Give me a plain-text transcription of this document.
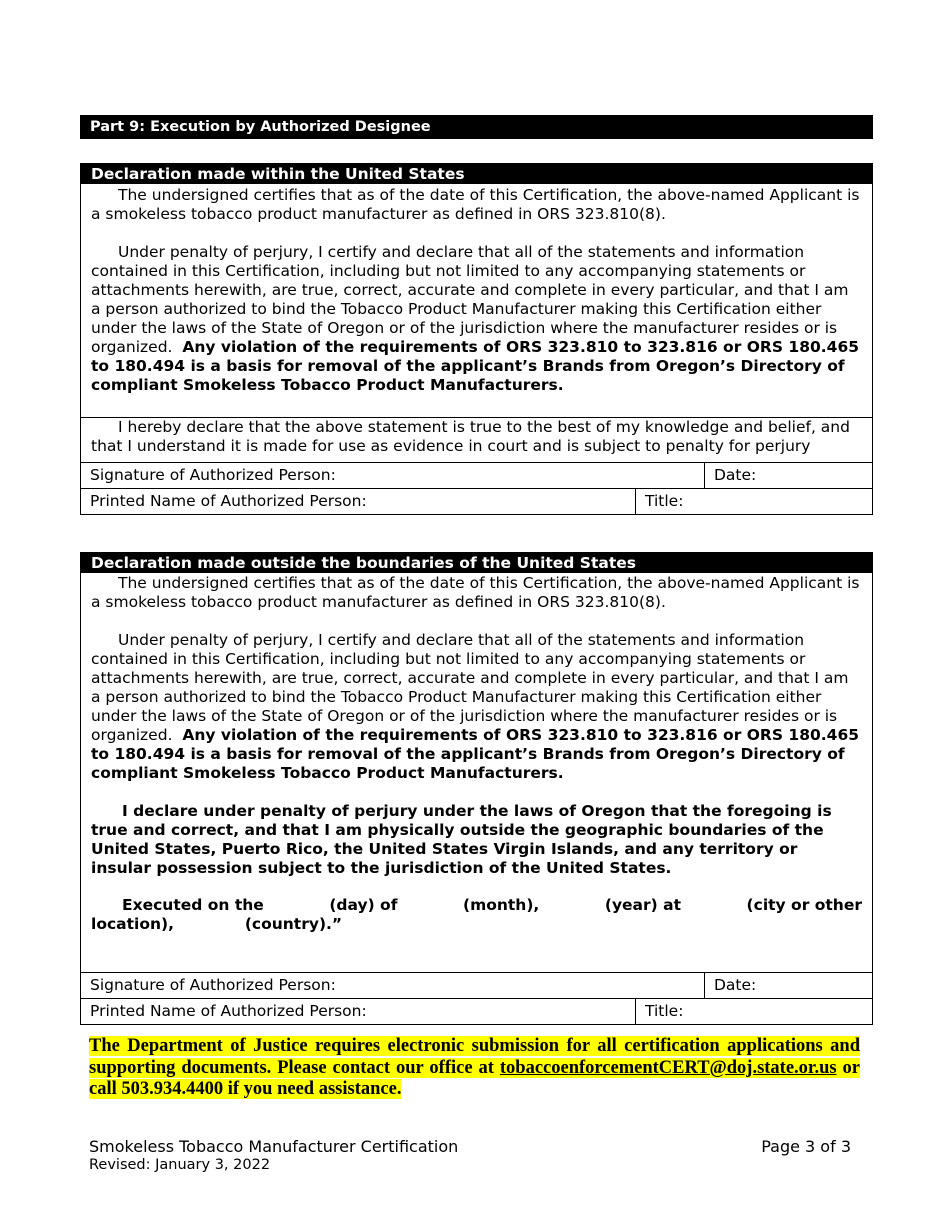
Part 9: Execution by Authorized Designee
Declaration made within the United States
The undersigned certifies that as of the date of this Certification, the above-named Applicant is a smokeless tobacco product manufacturer as defined in ORS 323.810(8).
Under penalty of perjury, I certify and declare that all of the statements and information contained in this Certification, including but not limited to any accompanying statements or attachments herewith, are true, correct, accurate and complete in every particular, and that I am a person authorized to bind the Tobacco Product Manufacturer making this Certification either under the laws of the State of Oregon or of the jurisdiction where the manufacturer resides or is organized. Any violation of the requirements of ORS 323.810 to 323.816 or ORS 180.465 to 180.494 is a basis for removal of the applicant’s Brands from Oregon’s Directory of compliant Smokeless Tobacco Product Manufacturers.
I hereby declare that the above statement is true to the best of my knowledge and belief, and that I understand it is made for use as evidence in court and is subject to penalty for perjury
Signature of Authorized Person:	Date:
Printed Name of Authorized Person:	Title:
Declaration made outside the boundaries of the United States
The undersigned certifies that as of the date of this Certification, the above-named Applicant is a smokeless tobacco product manufacturer as defined in ORS 323.810(8).
Under penalty of perjury, I certify and declare that all of the statements and information contained in this Certification, including but not limited to any accompanying statements or attachments herewith, are true, correct, accurate and complete in every particular, and that I am a person authorized to bind the Tobacco Product Manufacturer making this Certification either under the laws of the State of Oregon or of the jurisdiction where the manufacturer resides or is organized. Any violation of the requirements of ORS 323.810 to 323.816 or ORS 180.465 to 180.494 is a basis for removal of the applicant’s Brands from Oregon’s Directory of compliant Smokeless Tobacco Product Manufacturers.
I declare under penalty of perjury under the laws of Oregon that the foregoing is true and correct, and that I am physically outside the geographic boundaries of the United States, Puerto Rico, the United States Virgin Islands, and any territory or insular possession subject to the jurisdiction of the United States.
Executed on the	(day) of	(month),	(year) at	(city or other
location),	(country).”
Signature of Authorized Person:	Date:
Printed Name of Authorized Person:	Title:
The Department of Justice requires electronic submission for all certification applications and supporting documents. Please contact our office at tobaccoenforcementCERT@doj.state.or.us or call 503.934.4400 if you need assistance.
Smokeless Tobacco Manufacturer Certification	Page 3 of 3
Revised: January 3, 2022
